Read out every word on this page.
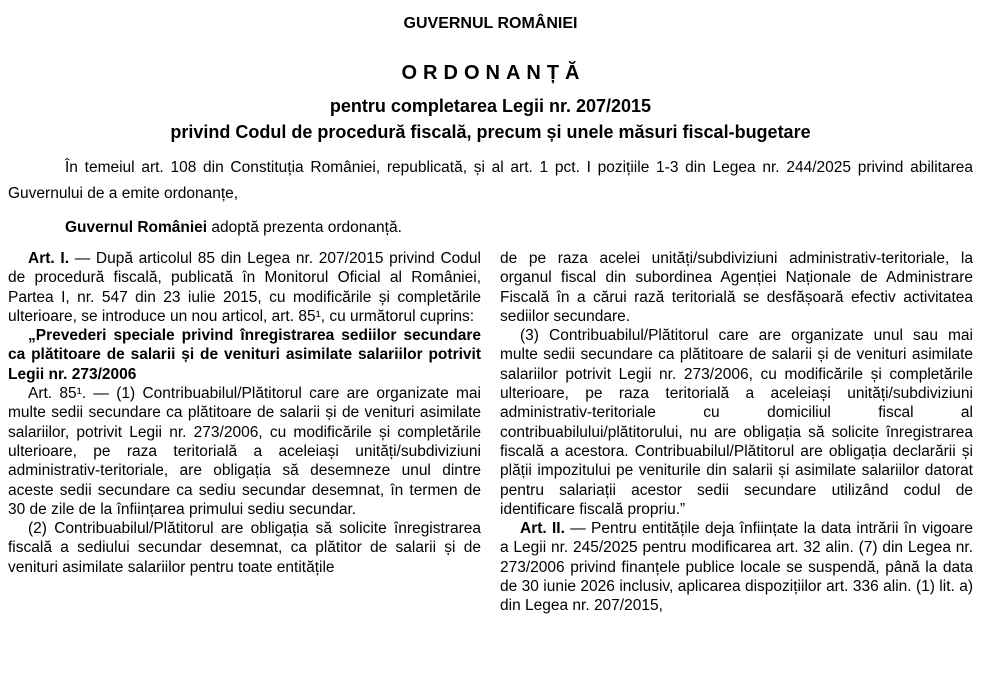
GUVERNUL ROMÂNIEI
ORDONANȚĂ
pentru completarea Legii nr. 207/2015
privind Codul de procedură fiscală, precum și unele măsuri fiscal-bugetare

În temeiul art. 108 din Constituția României, republicată, și al art. 1 pct. I pozițiile 1-3 din Legea nr. 244/2025 privind abilitarea Guvernului de a emite ordonanțe,

Guvernul României adoptă prezenta ordonanță.

Art. I. — După articolul 85 din Legea nr. 207/2015 privind Codul de procedură fiscală, publicată în Monitorul Oficial al României, Partea I, nr. 547 din 23 iulie 2015, cu modificările și completările ulterioare, se introduce un nou articol, art. 85¹, cu următorul cuprins:

„Prevederi speciale privind înregistrarea sediilor secundare ca plătitoare de salarii și de venituri asimilate salariilor potrivit Legii nr. 273/2006

Art. 85¹. — (1) Contribuabilul/Plătitorul care are organizate mai multe sedii secundare ca plătitoare de salarii și de venituri asimilate salariilor, potrivit Legii nr. 273/2006, cu modificările și completările ulterioare, pe raza teritorială a aceleiași unități/subdiviziuni administrativ-teritoriale, are obligația să desemneze unul dintre aceste sedii secundare ca sediu secundar desemnat, în termen de 30 de zile de la înființarea primului sediu secundar.

(2) Contribuabilul/Plătitorul are obligația să solicite înregistrarea fiscală a sediului secundar desemnat, ca plătitor de salarii și de venituri asimilate salariilor pentru toate entitățile

de pe raza acelei unități/subdiviziuni administrativ-teritoriale, la organul fiscal din subordinea Agenției Naționale de Administrare Fiscală în a cărui rază teritorială se desfășoară efectiv activitatea sediilor secundare.

(3) Contribuabilul/Plătitorul care are organizate unul sau mai multe sedii secundare ca plătitoare de salarii și de venituri asimilate salariilor potrivit Legii nr. 273/2006, cu modificările și completările ulterioare, pe raza teritorială a aceleiași unități/subdiviziuni administrativ-teritoriale cu domiciliul fiscal al contribuabilului/plătitorului, nu are obligația să solicite înregistrarea fiscală a acestora. Contribuabilul/Plătitorul are obligația declarării și plății impozitului pe veniturile din salarii și asimilate salariilor datorat pentru salariații acestor sedii secundare utilizând codul de identificare fiscală propriu.”

Art. II. — Pentru entitățile deja înființate la data intrării în vigoare a Legii nr. 245/2025 pentru modificarea art. 32 alin. (7) din Legea nr. 273/2006 privind finanțele publice locale se suspendă, până la data de 30 iunie 2026 inclusiv, aplicarea dispozițiilor art. 336 alin. (1) lit. a) din Legea nr. 207/2015,
